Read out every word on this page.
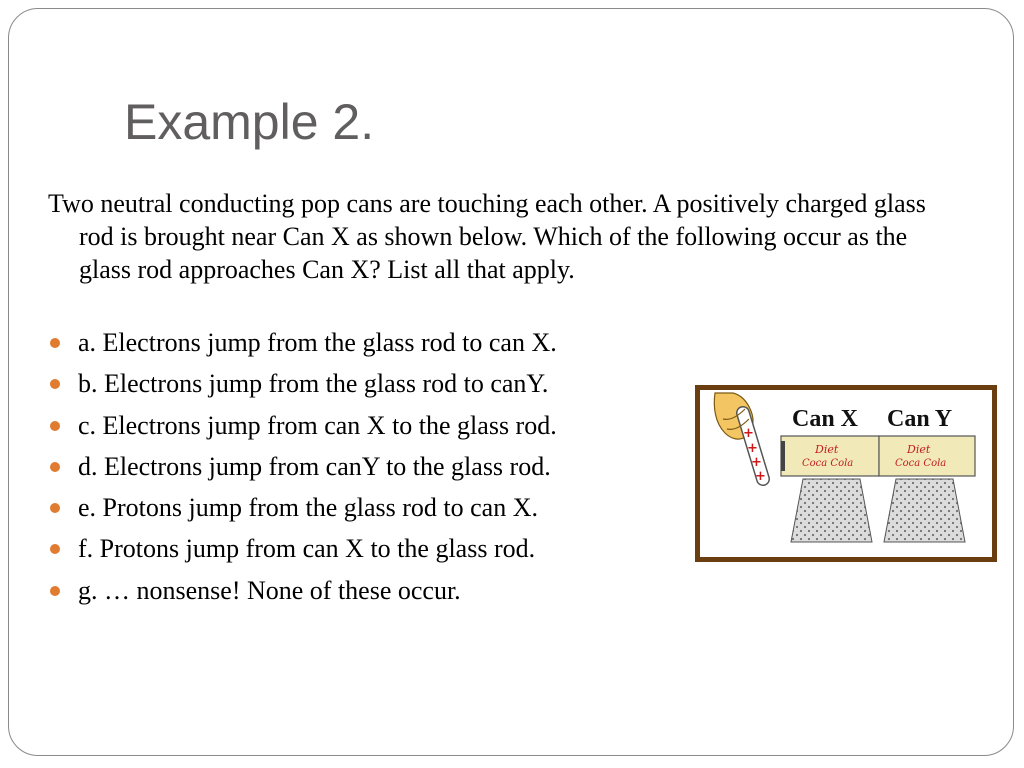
Example 2.

Two neutral conducting pop cans are touching each other. A positively charged glass rod is brought near Can X as shown below. Which of the following occur as the glass rod approaches Can X? List all that apply.

a. Electrons jump from the glass rod to can X.
b. Electrons jump from the glass rod to canY.
c. Electrons jump from can X to the glass rod.
d. Electrons jump from canY to the glass rod.
e. Protons jump from the glass rod to can X.
f. Protons jump from can X to the glass rod.
g. … nonsense! None of these occur.
Can X Can Y
Diet
Coca Cola
Diet
Coca Cola
+
+
+
+
